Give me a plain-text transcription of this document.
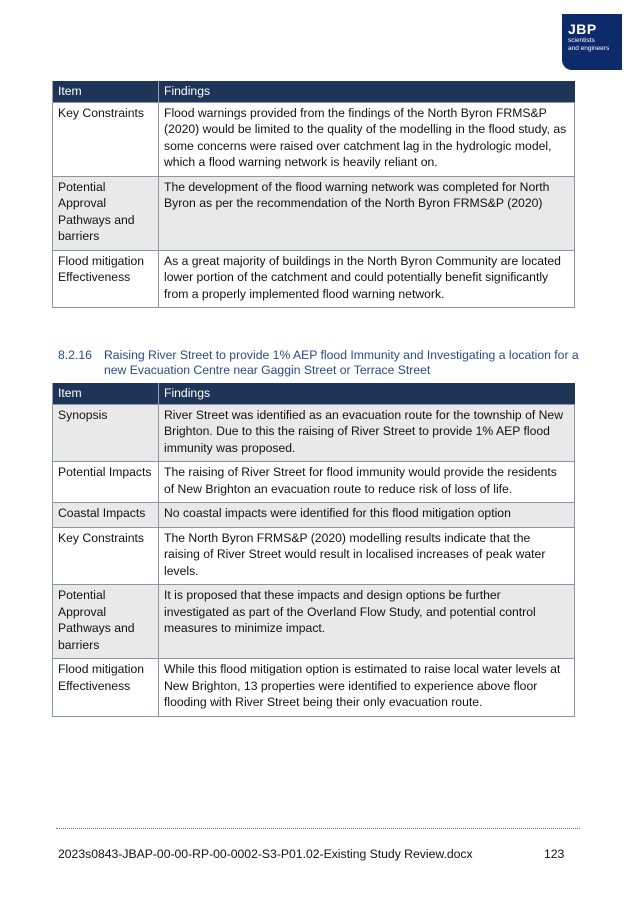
JBP
scientists
and engineers
Item	Findings
Key Constraints	Flood warnings provided from the findings of the North Byron FRMS&P (2020) would be limited to the quality of the modelling in the flood study, as some concerns were raised over catchment lag in the hydrologic model, which a flood warning network is heavily reliant on.
Potential Approval Pathways and barriers	The development of the flood warning network was completed for North Byron as per the recommendation of the North Byron FRMS&P (2020)
Flood mitigation Effectiveness	As a great majority of buildings in the North Byron Community are located lower portion of the catchment and could potentially benefit significantly from a properly implemented flood warning network.
8.2.16 Raising River Street to provide 1% AEP flood Immunity and Investigating a location for a new Evacuation Centre near Gaggin Street or Terrace Street
Item	Findings
Synopsis	River Street was identified as an evacuation route for the township of New Brighton. Due to this the raising of River Street to provide 1% AEP flood immunity was proposed.
Potential Impacts	The raising of River Street for flood immunity would provide the residents of New Brighton an evacuation route to reduce risk of loss of life.
Coastal Impacts	No coastal impacts were identified for this flood mitigation option
Key Constraints	The North Byron FRMS&P (2020) modelling results indicate that the raising of River Street would result in localised increases of peak water levels.
Potential Approval Pathways and barriers	It is proposed that these impacts and design options be further investigated as part of the Overland Flow Study, and potential control measures to minimize impact.
Flood mitigation Effectiveness	While this flood mitigation option is estimated to raise local water levels at New Brighton, 13 properties were identified to experience above floor flooding with River Street being their only evacuation route.
2023s0843-JBAP-00-00-RP-00-0002-S3-P01.02-Existing Study Review.docx	123
